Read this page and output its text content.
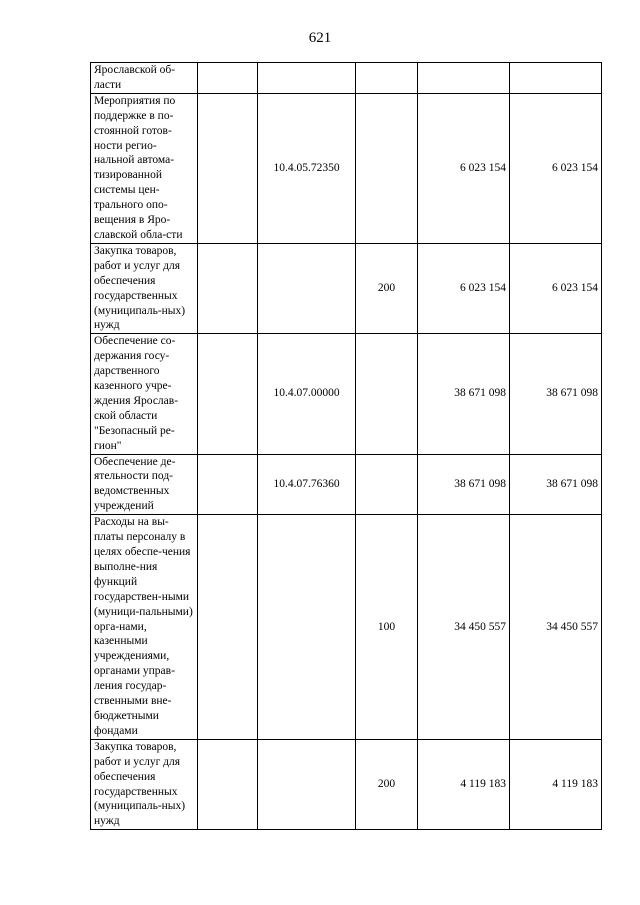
621
Ярославской об- ласти					
Мероприятия по поддержке в по-стоянной готов-ности регио-нальной автома-тизированной системы цен-трального опо-вещения в Яро-славской обла-сти		10.4.05.72350		6 023 154	6 023 154
Закупка товаров, работ и услуг для обеспечения государственных (муниципаль-ных) нужд			200	6 023 154	6 023 154
Обеспечение со-держания госу-дарственного казенного учре-ждения Ярослав-ской области "Безопасный ре-гион"		10.4.07.00000		38 671 098	38 671 098
Обеспечение де-ятельности под-ведомственных учреждений		10.4.07.76360		38 671 098	38 671 098
Расходы на вы-платы персоналу в целях обеспе-чения выполне-ния функций государствен-ными (муници-пальными) орга-нами, казенными учреждениями, органами управ-ления государ-ственными вне-бюджетными фондами			100	34 450 557	34 450 557
Закупка товаров, работ и услуг для обеспечения государственных (муниципаль-ных) нужд			200	4 119 183	4 119 183
